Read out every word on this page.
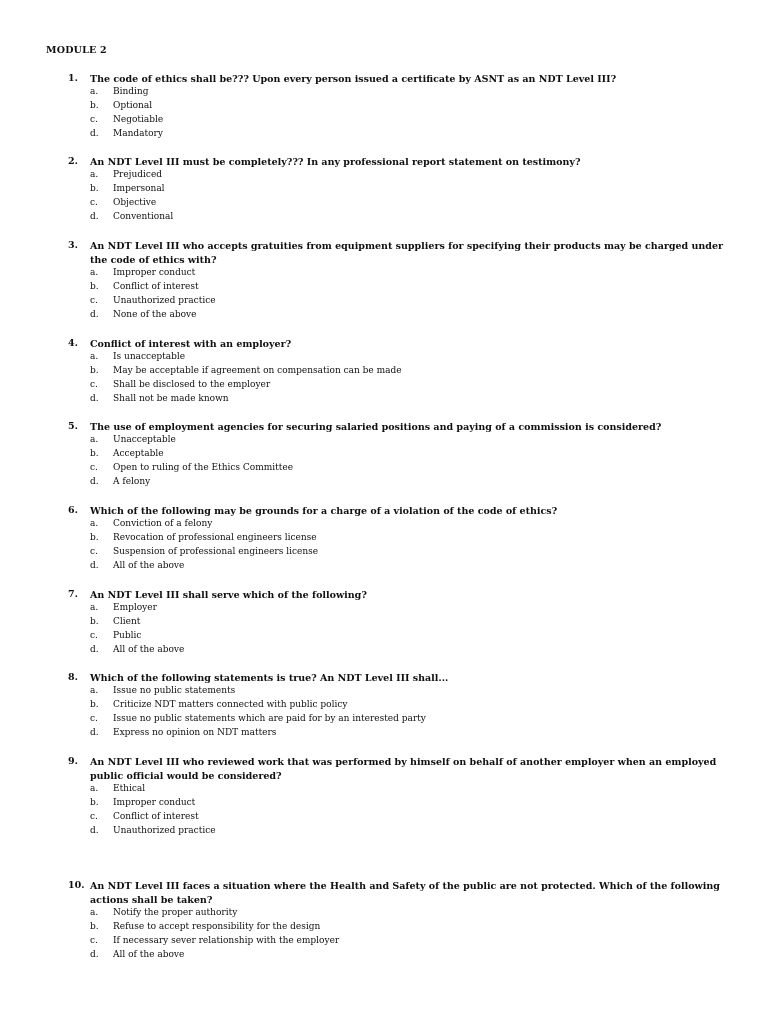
MODULE 2
1. The code of ethics shall be??? Upon every person issued a certificate by ASNT as an NDT Level III?
a. Binding
b. Optional
c. Negotiable
d. Mandatory
2. An NDT Level III must be completely??? In any professional report statement on testimony?
a. Prejudiced
b. Impersonal
c. Objective
d. Conventional
3. An NDT Level III who accepts gratuities from equipment suppliers for specifying their products may be charged under the code of ethics with?
a. Improper conduct
b. Conflict of interest
c. Unauthorized practice
d. None of the above
4. Conflict of interest with an employer?
a. Is unacceptable
b. May be acceptable if agreement on compensation can be made
c. Shall be disclosed to the employer
d. Shall not be made known
5. The use of employment agencies for securing salaried positions and paying of a commission is considered?
a. Unacceptable
b. Acceptable
c. Open to ruling of the Ethics Committee
d. A felony
6. Which of the following may be grounds for a charge of a violation of the code of ethics?
a. Conviction of a felony
b. Revocation of professional engineers license
c. Suspension of professional engineers license
d. All of the above
7. An NDT Level III shall serve which of the following?
a. Employer
b. Client
c. Public
d. All of the above
8. Which of the following statements is true? An NDT Level III shall...
a. Issue no public statements
b. Criticize NDT matters connected with public policy
c. Issue no public statements which are paid for by an interested party
d. Express no opinion on NDT matters
9. An NDT Level III who reviewed work that was performed by himself on behalf of another employer when an employed public official would be considered?
a. Ethical
b. Improper conduct
c. Conflict of interest
d. Unauthorized practice
10. An NDT Level III faces a situation where the Health and Safety of the public are not protected. Which of the following actions shall be taken?
a. Notify the proper authority
b. Refuse to accept responsibility for the design
c. If necessary sever relationship with the employer
d. All of the above
